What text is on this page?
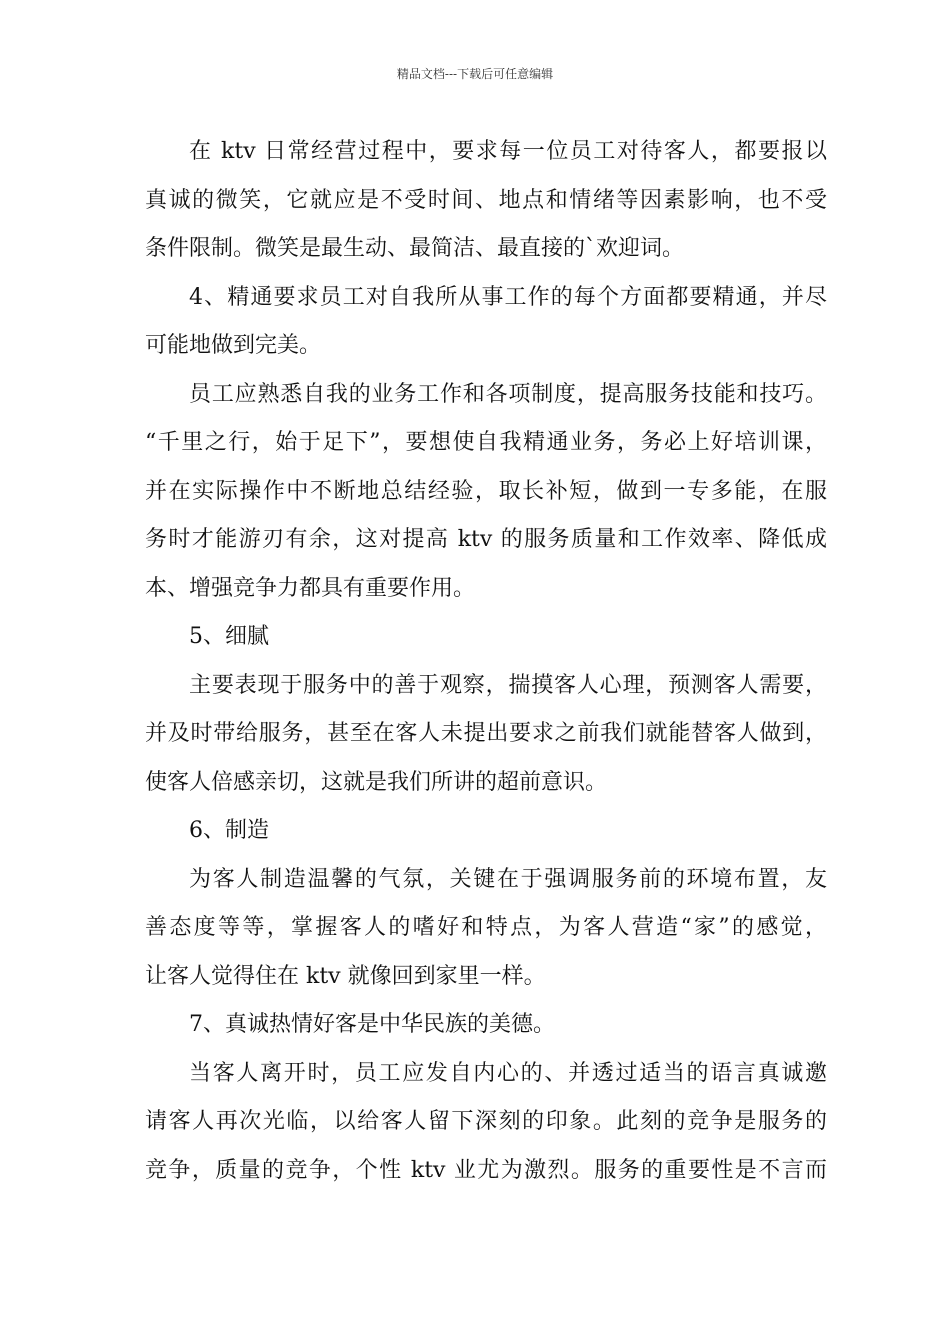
精品文档---下载后可任意编辑
在 ktv 日常经营过程中，要求每一位员工对待客人，都要报以
真诚的微笑，它就应是不受时间、地点和情绪等因素影响，也不受
条件限制。微笑是最生动、最简洁、最直接的`欢迎词。
4、精通要求员工对自我所从事工作的每个方面都要精通，并尽
可能地做到完美。
员工应熟悉自我的业务工作和各项制度，提高服务技能和技巧。
“千里之行，始于足下”，要想使自我精通业务，务必上好培训课，
并在实际操作中不断地总结经验，取长补短，做到一专多能，在服
务时才能游刃有余，这对提高 ktv 的服务质量和工作效率、降低成
本、增强竞争力都具有重要作用。
5、细腻
主要表现于服务中的善于观察，揣摸客人心理，预测客人需要，
并及时带给服务，甚至在客人未提出要求之前我们就能替客人做到，
使客人倍感亲切，这就是我们所讲的超前意识。
6、制造
为客人制造温馨的气氛，关键在于强调服务前的环境布置，友
善态度等等，掌握客人的嗜好和特点，为客人营造“家”的感觉，
让客人觉得住在 ktv 就像回到家里一样。
7、真诚热情好客是中华民族的美德。
当客人离开时，员工应发自内心的、并透过适当的语言真诚邀
请客人再次光临，以给客人留下深刻的印象。此刻的竞争是服务的
竞争，质量的竞争，个性 ktv 业尤为激烈。服务的重要性是不言而
